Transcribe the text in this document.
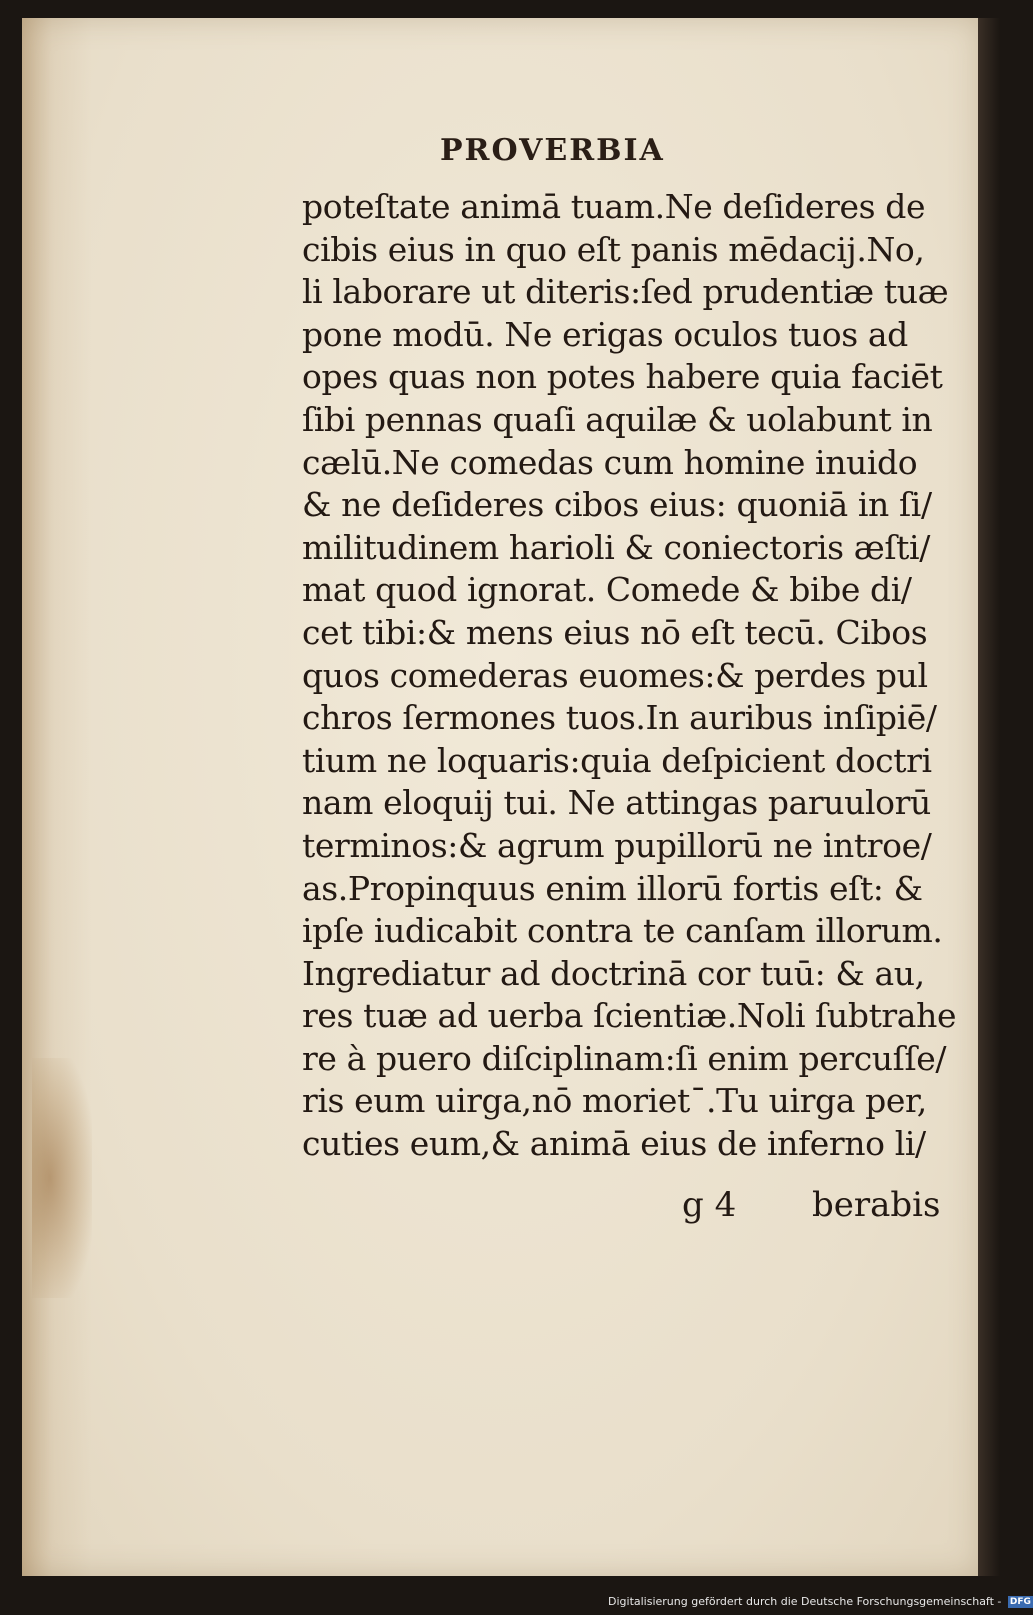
PROVERBIA
poteſtate animā tuam.Ne deſideres de
cibis eius in quo eſt panis mēdacij.No,
li laborare ut diteris:ſed prudentiæ tuæ
pone modū. Ne erigas oculos tuos ad
opes quas non potes habere quia faciēt
ſibi pennas quaſi aquilæ & uolabunt in
cælū.Ne comedas cum homine inuido
& ne deſideres cibos eius: quoniā in ſi/
militudinem harioli & coniectoris æſti/
mat quod ignorat. Comede & bibe di/
cet tibi:& mens eius nō eſt tecū. Cibos
quos comederas euomes:& perdes pul
chros ſermones tuos.In auribus inſipiē/
tium ne loquaris:quia deſpicient doctri
nam eloquij tui. Ne attingas paruulorū
terminos:& agrum pupillorū ne introe/
as.Propinquus enim illorū fortis eſt: &
ipſe iudicabit contra te canſam illorum.
Ingrediatur ad doctrinā cor tuū: & au,
res tuæ ad uerba ſcientiæ.Noli ſubtrahe
re à puero diſciplinam:ſi enim percuſſe/
ris eum uirga,nō morietˉ.Tu uirga per,
cuties eum,& animā eius de inferno li/
g 4 berabis
Digitalisierung gefördert durch die Deutsche Forschungsgemeinschaft - DFG
